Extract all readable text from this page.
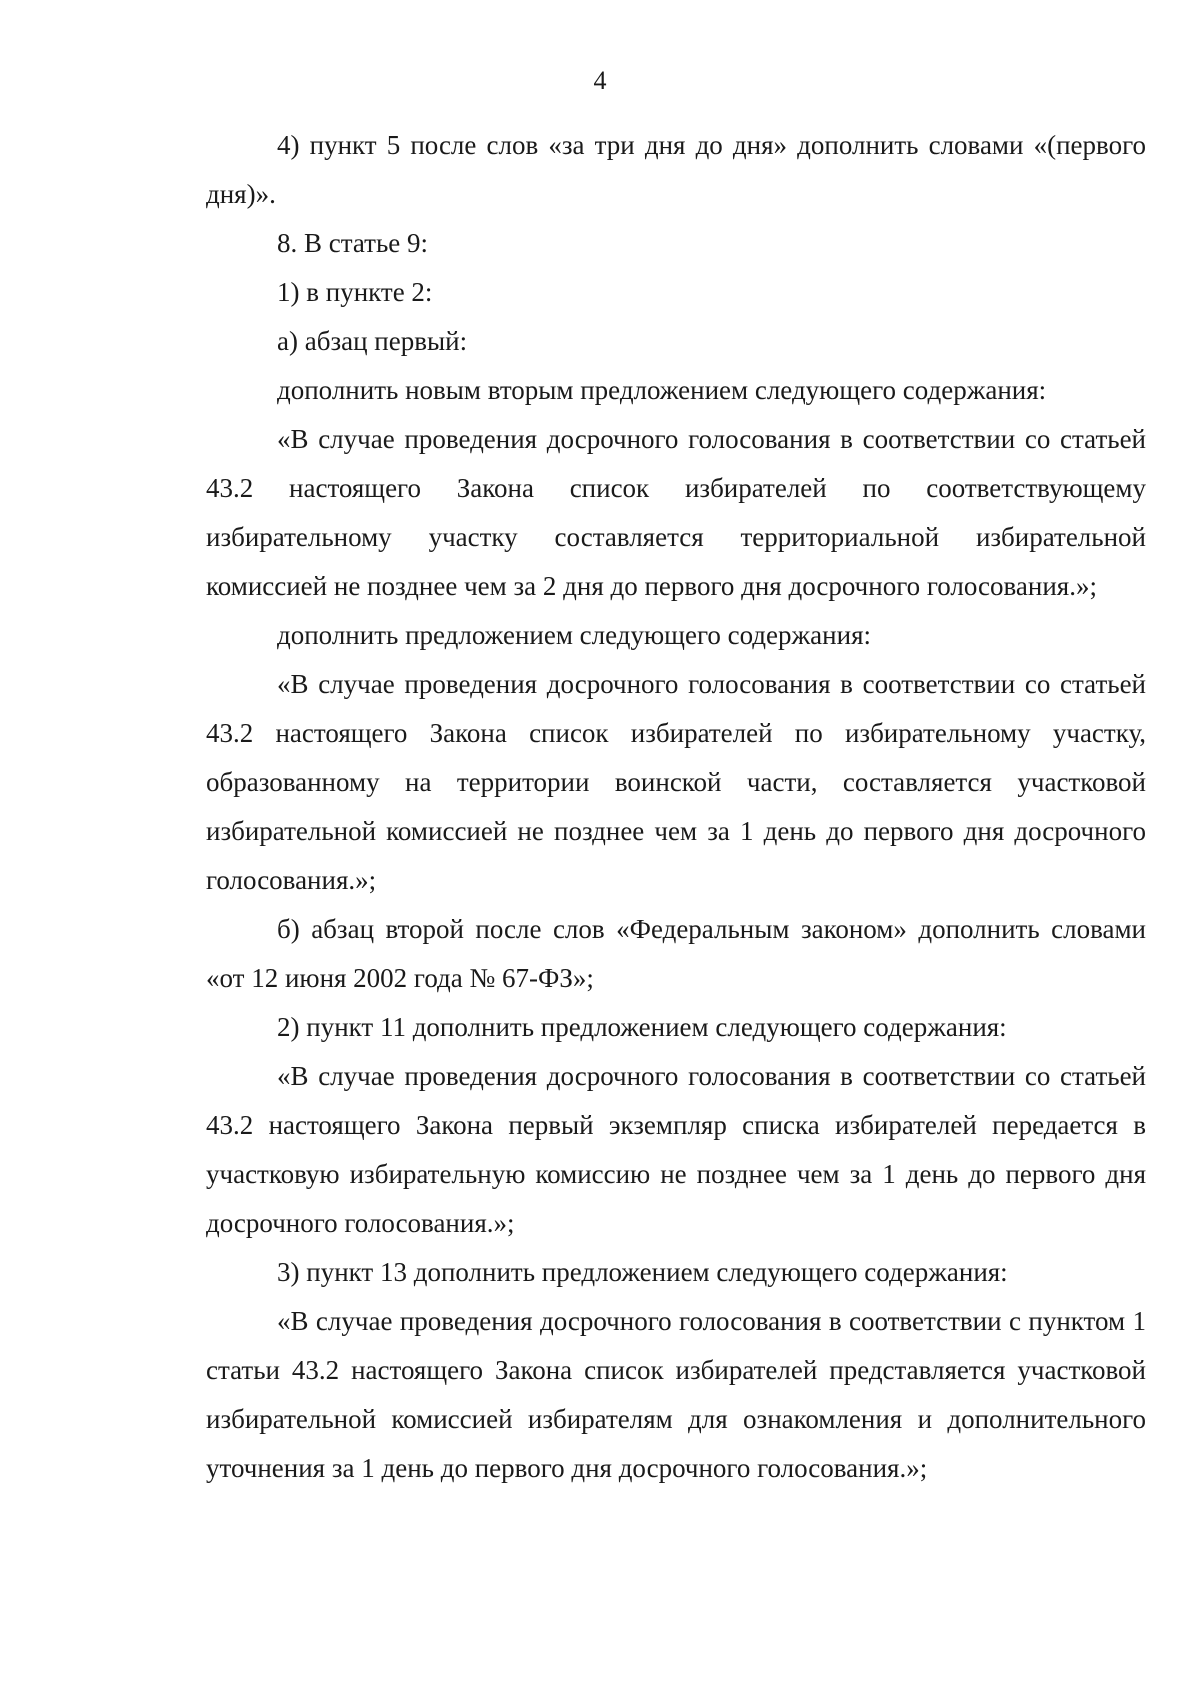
4

4) пункт 5 после слов «за три дня до дня» дополнить словами «(первого дня)».

8. В статье 9:

1) в пункте 2:

а) абзац первый:

дополнить новым вторым предложением следующего содержания:

«В случае проведения досрочного голосования в соответствии со статьей 43.2 настоящего Закона список избирателей по соответствующему избирательному участку составляется территориальной избирательной комиссией не позднее чем за 2 дня до первого дня досрочного голосования.»;

дополнить предложением следующего содержания:

«В случае проведения досрочного голосования в соответствии со статьей 43.2 настоящего Закона список избирателей по избирательному участку, образованному на территории воинской части, составляется участковой избирательной комиссией не позднее чем за 1 день до первого дня досрочного голосования.»;

б) абзац второй после слов «Федеральным законом» дополнить словами «от 12 июня 2002 года № 67-ФЗ»;

2) пункт 11 дополнить предложением следующего содержания:

«В случае проведения досрочного голосования в соответствии со статьей 43.2 настоящего Закона первый экземпляр списка избирателей передается в участковую избирательную комиссию не позднее чем за 1 день до первого дня досрочного голосования.»;

3) пункт 13 дополнить предложением следующего содержания:

«В случае проведения досрочного голосования в соответствии с пунктом 1 статьи 43.2 настоящего Закона список избирателей представляется участковой избирательной комиссией избирателям для ознакомления и дополнительного уточнения за 1 день до первого дня досрочного голосования.»;
